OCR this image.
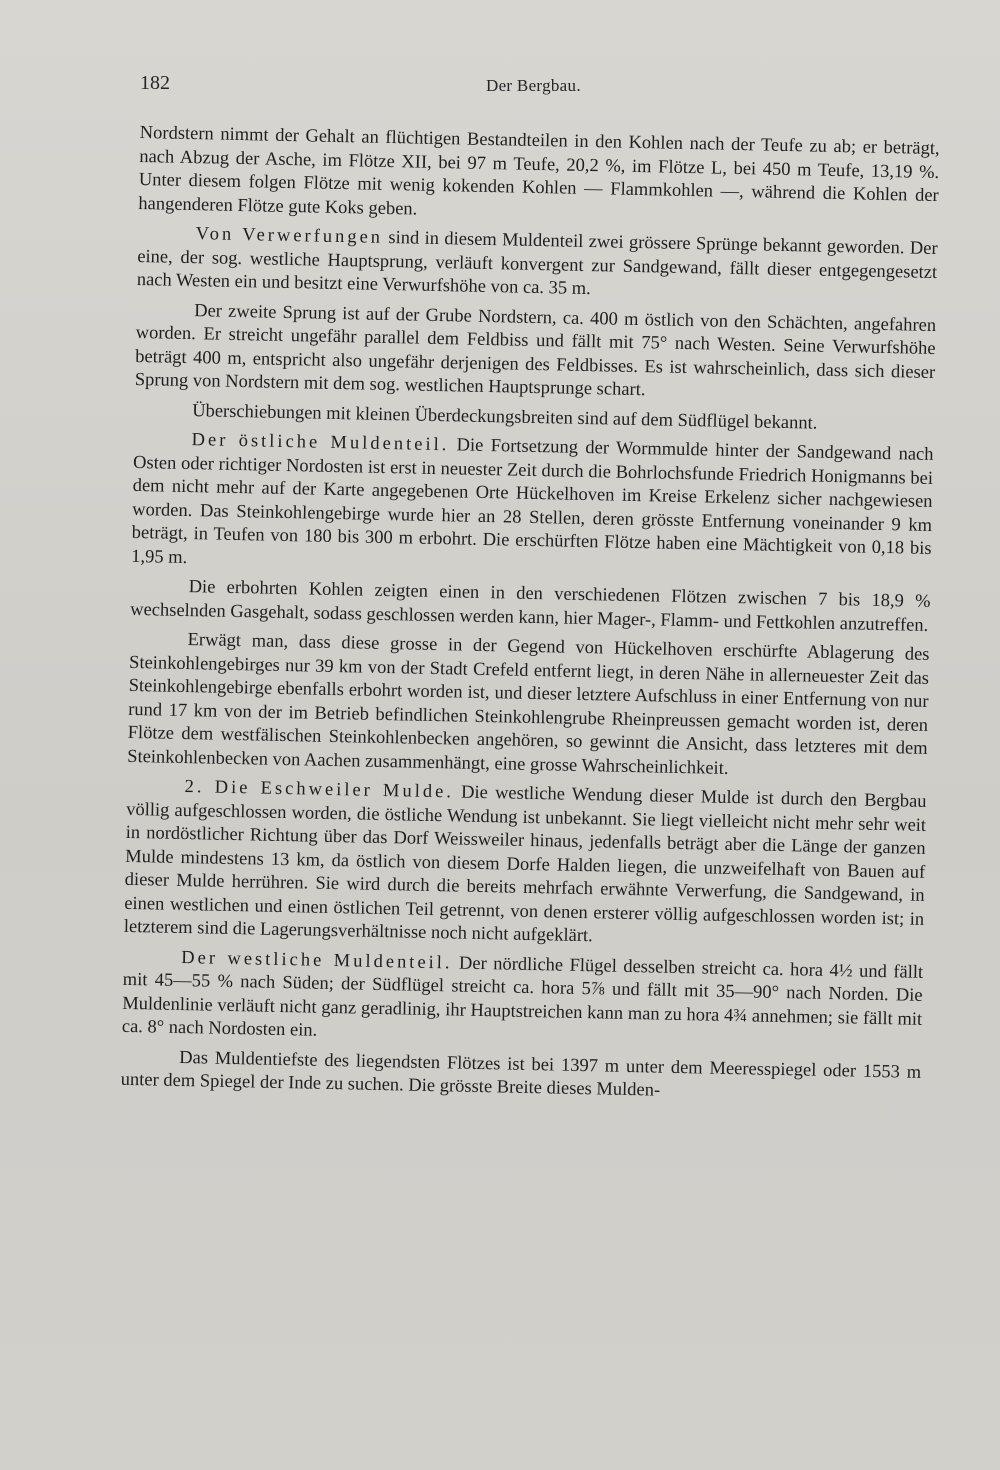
182	Der Bergbau.

Nordstern nimmt der Gehalt an flüchtigen Bestandteilen in den Kohlen nach der Teufe zu ab; er beträgt, nach Abzug der Asche, im Flötze XII, bei 97 m Teufe, 20,2 %, im Flötze L, bei 450 m Teufe, 13,19 %. Unter diesem folgen Flötze mit wenig kokenden Kohlen — Flammkohlen —, während die Kohlen der hangenderen Flötze gute Koks geben.

Von Verwerfungen sind in diesem Muldenteil zwei grössere Sprünge bekannt geworden. Der eine, der sog. westliche Hauptsprung, verläuft konvergent zur Sandgewand, fällt dieser entgegengesetzt nach Westen ein und besitzt eine Verwurfshöhe von ca. 35 m.

Der zweite Sprung ist auf der Grube Nordstern, ca. 400 m östlich von den Schächten, angefahren worden. Er streicht ungefähr parallel dem Feldbiss und fällt mit 75° nach Westen. Seine Verwurfshöhe beträgt 400 m, entspricht also ungefähr derjenigen des Feldbisses. Es ist wahrscheinlich, dass sich dieser Sprung von Nordstern mit dem sog. westlichen Hauptsprunge schart.

Überschiebungen mit kleinen Überdeckungsbreiten sind auf dem Südflügel bekannt.

Der östliche Muldenteil. Die Fortsetzung der Wormmulde hinter der Sandgewand nach Osten oder richtiger Nordosten ist erst in neuester Zeit durch die Bohrlochsfunde Friedrich Honigmanns bei dem nicht mehr auf der Karte angegebenen Orte Hückelhoven im Kreise Erkelenz sicher nachgewiesen worden. Das Steinkohlengebirge wurde hier an 28 Stellen, deren grösste Entfernung voneinander 9 km beträgt, in Teufen von 180 bis 300 m erbohrt. Die erschürften Flötze haben eine Mächtigkeit von 0,18 bis 1,95 m.

Die erbohrten Kohlen zeigten einen in den verschiedenen Flötzen zwischen 7 bis 18,9 % wechselnden Gasgehalt, sodass geschlossen werden kann, hier Mager-, Flamm- und Fettkohlen anzutreffen.

Erwägt man, dass diese grosse in der Gegend von Hückelhoven erschürfte Ablagerung des Steinkohlengebirges nur 39 km von der Stadt Crefeld entfernt liegt, in deren Nähe in allerneuester Zeit das Steinkohlengebirge ebenfalls erbohrt worden ist, und dieser letztere Aufschluss in einer Entfernung von nur rund 17 km von der im Betrieb befindlichen Steinkohlengrube Rheinpreussen gemacht worden ist, deren Flötze dem westfälischen Steinkohlenbecken angehören, so gewinnt die Ansicht, dass letzteres mit dem Steinkohlenbecken von Aachen zusammenhängt, eine grosse Wahrscheinlichkeit.

2. Die Eschweiler Mulde. Die westliche Wendung dieser Mulde ist durch den Bergbau völlig aufgeschlossen worden, die östliche Wendung ist unbekannt. Sie liegt vielleicht nicht mehr sehr weit in nordöstlicher Richtung über das Dorf Weissweiler hinaus, jedenfalls beträgt aber die Länge der ganzen Mulde mindestens 13 km, da östlich von diesem Dorfe Halden liegen, die unzweifelhaft von Bauen auf dieser Mulde herrühren. Sie wird durch die bereits mehrfach erwähnte Verwerfung, die Sandgewand, in einen westlichen und einen östlichen Teil getrennt, von denen ersterer völlig aufgeschlossen worden ist; in letzterem sind die Lagerungsverhältnisse noch nicht aufgeklärt.

Der westliche Muldenteil. Der nördliche Flügel desselben streicht ca. hora 4½ und fällt mit 45—55 % nach Süden; der Südflügel streicht ca. hora 5⅞ und fällt mit 35—90° nach Norden. Die Muldenlinie verläuft nicht ganz geradlinig, ihr Hauptstreichen kann man zu hora 4¾ annehmen; sie fällt mit ca. 8° nach Nordosten ein.

Das Muldentiefste des liegendsten Flötzes ist bei 1397 m unter dem Meeresspiegel oder 1553 m unter dem Spiegel der Inde zu suchen. Die grösste Breite dieses Mulden-
